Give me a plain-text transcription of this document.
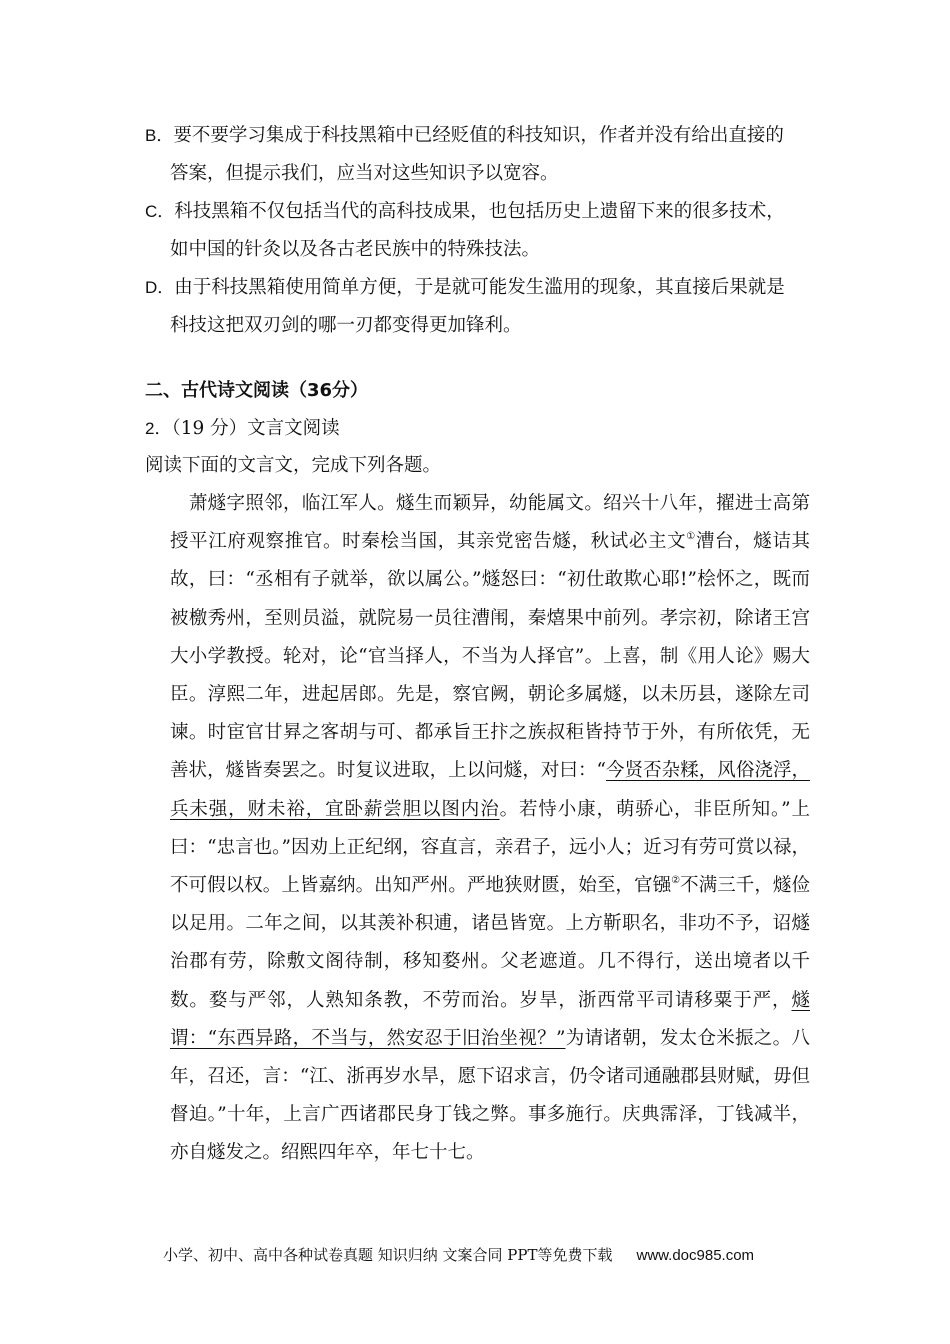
B．要不要学习集成于科技黑箱中已经贬值的科技知识，作者并没有给出直接的
答案，但提示我们，应当对这些知识予以宽容。
C．科技黑箱不仅包括当代的高科技成果，也包括历史上遗留下来的很多技术，
如中国的针灸以及各古老民族中的特殊技法。
D．由于科技黑箱使用简单方便，于是就可能发生滥用的现象，其直接后果就是
科技这把双刃剑的哪一刃都变得更加锋利。
二、古代诗文阅读（36分）
2．（19 分）文言文阅读
阅读下面的文言文，完成下列各题。
　萧燧字照邻，临江军人。燧生而颖异，幼能属文。绍兴十八年，擢进士高第授平江府观察推官。时秦桧当国，其亲党密告燧，秋试必主文①漕台，燧诘其故，曰：“丞相有子就举，欲以属公。”燧怒曰：“初仕敢欺心耶!”桧怀之，既而被檄秀州，至则员溢，就院易一员往漕闱，秦熺果中前列。孝宗初，除诸王宫大小学教授。轮对，论“官当择人，不当为人择官”。上喜，制《用人论》赐大臣。淳熙二年，进起居郎。先是，察官阙，朝论多属燧，以未历县，遂除左司谏。时宦官甘昪之客胡与可、都承旨王抃之族叔秬皆持节于外，有所依凭，无善状，燧皆奏罢之。时复议进取，上以问燧，对曰：“今贤否杂糅，风俗浇浮，兵未强，财未裕，宜卧薪尝胆以图内治。若恃小康，萌骄心，非臣所知。”上曰：“忠言也。”因劝上正纪纲，容直言，亲君子，远小人；近习有劳可赏以禄，不可假以权。上皆嘉纳。出知严州。严地狭财匮，始至，官镪②不满三千，燧俭以足用。二年之间，以其羡补积逋，诸邑皆宽。上方靳职名，非功不予，诏燧治郡有劳，除敷文阁待制，移知婺州。父老遮道。几不得行，送出境者以千数。婺与严邻，人熟知条教，不劳而治。岁旱，浙西常平司请移粟于严，燧谓：“东西异路，不当与，然安忍于旧治坐视？”为请诸朝，发太仓米振之。八年，召还，言：“江、浙再岁水旱，愿下诏求言，仍令诸司通融郡县财赋，毋但督迫。”十年，上言广西诸郡民身丁钱之弊。事多施行。庆典霈泽，丁钱减半，亦自燧发之。绍熙四年卒，年七十七。
小学、初中、高中各种试卷真题 知识归纳 文案合同 PPT等免费下载 www.doc985.com
